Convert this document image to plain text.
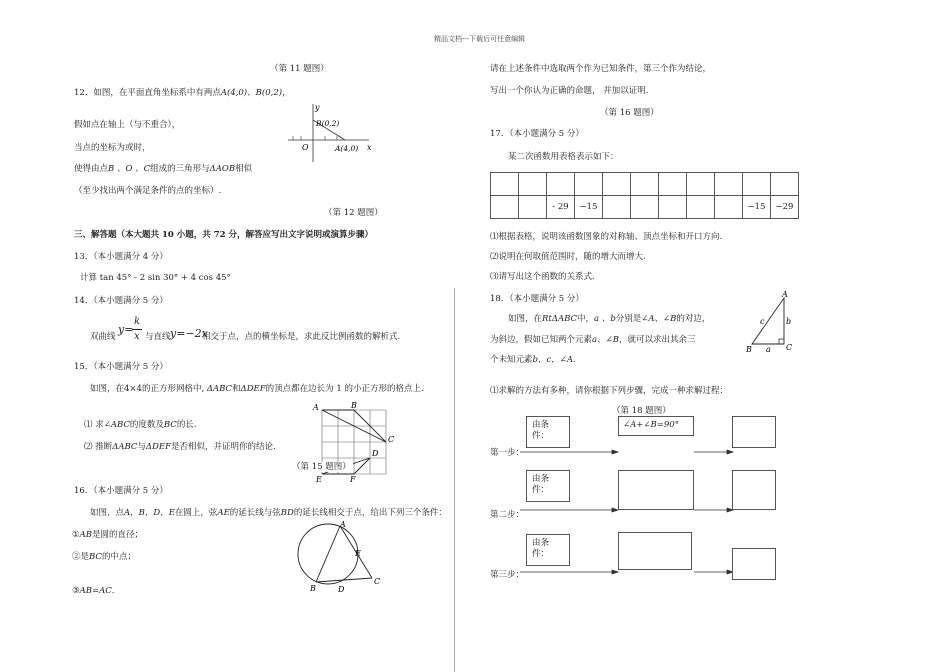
精品文档---下载后可任意编辑
（第 11 题图）
12．如图，在平面直角坐标系中有两点A(4,0)、B(0,2)，
假如点在轴上（与不重合），
当点的坐标为或时，
使得由点B 、O 、C组成的三角形与ΔAOB相似
（至少找出两个满足条件的点的坐标）.
y
x
O	A(4,0)
B(0,2)
（第 12 题图）
三、解答题（本大题共 10 小题，共 72 分，解答应写出文字说明或演算步骤）
13．（本小题满分 4 分）
计算 tan 45° - 2 sin 30° + 4 cos 45°
14．（本小题满分 5 分）
双曲线
y=
k
x 与直线 y=−2x
相交于点，点的横坐标是，求此反比例函数的解析式.
15．（本小题满分 5 分）
如图，在4×4的正方形网格中, ΔABC和ΔDEF的顶点都在边长为 1 的小正方形的格点上.
⑴ 求∠ABC的度数及BC的长.
⑵ 推断ΔABC与ΔDEF是否相似，并证明你的结论.
A	B
C
D
E	F
（第 15 题图）
16．（本小题满分 5 分）
如图，点A，B，D，E在圆上，弦AE的延长线与弦BD的延长线相交于点，给出下列三个条件：
①AB是圆的直径；
②是BC的中点；
③AB=AC.
A
B
C
D
E
请在上述条件中选取两个作为已知条件，第三个作为结论，
写出一个你认为正确的命题， 并加以证明.
（第 16 题图）
17．（本小题满分 5 分）
某二次函数用表格表示如下：

		- 29	−15						−15	−29
⑴根据表格，说明该函数图象的对称轴、顶点坐标和开口方向.
⑵说明在何取值范围时，随的增大而增大.
⑶请写出这个函数的关系式.
18．（本小题满分 5 分）
如图，在RtΔABC中，a 、b分别是∠A、∠B的对边，
为斜边，假如已知两个元素a、∠B，就可以求出其余三
个未知元素b，c，∠A.
A
B	C
a
b
c
⑴求解的方法有多种，请你根据下列步骤，完成一种求解过程：
（第 18 题图）
由条件：
∠A+∠B=90°
第一步：
由条件：
第二步：
由条件：
第三步：
